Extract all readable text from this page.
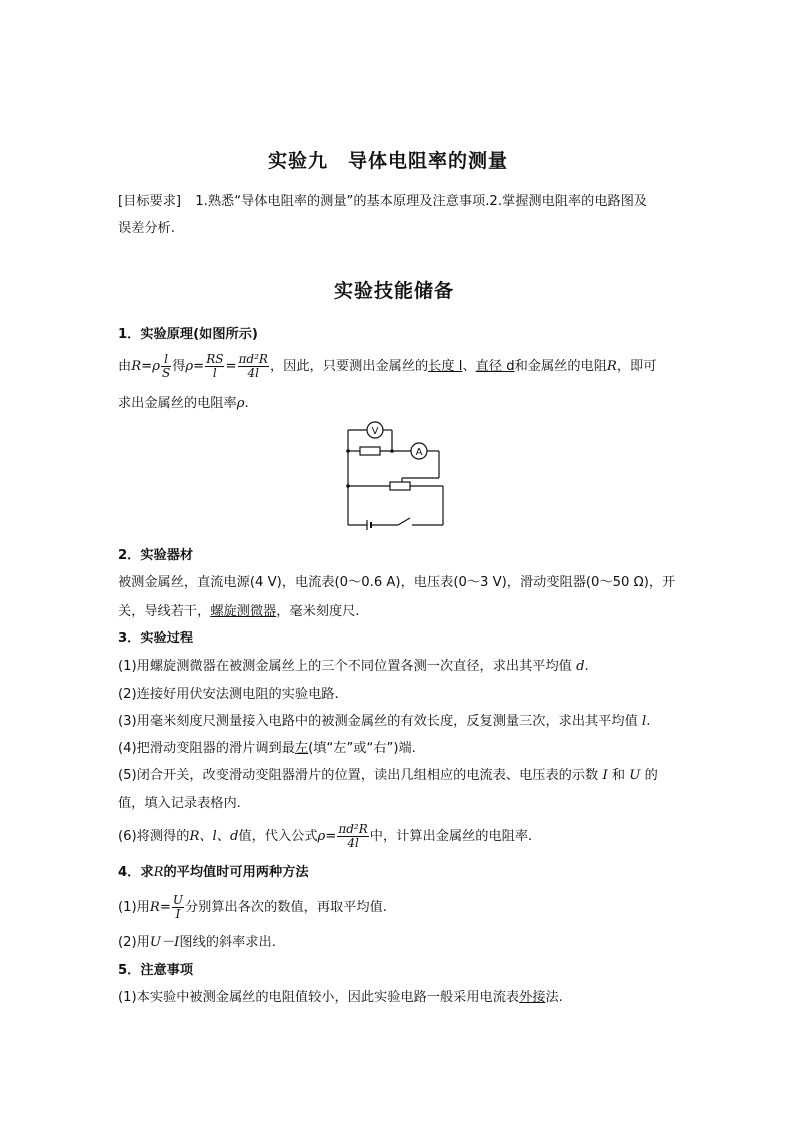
实验九　导体电阻率的测量
[目标要求] 1.熟悉“导体电阻率的测量”的基本原理及注意事项.2.掌握测电阻率的电路图及
误差分析.
实验技能储备
1．实验原理(如图所示)
由$R=\rho \frac{l}{S}$ 得$\rho= \frac{RS}{l} = \frac{\text{πd²R}}{4l}$ ，因此，只要测出金属丝的长度 l、直径 d和金属丝的电阻R，即可
求出金属丝的电阻率ρ.
V
A
2．实验器材
被测金属丝，直流电源(4 V)，电流表(0～0.6 A)，电压表(0～3 V)，滑动变阻器(0～50 Ω)，开
关，导线若干，螺旋测微器，毫米刻度尺.
3．实验过程
(1)用螺旋测微器在被测金属丝上的三个不同位置各测一次直径，求出其平均值 d.
(2)连接好用伏安法测电阻的实验电路.
(3)用毫米刻度尺测量接入电路中的被测金属丝的有效长度，反复测量三次，求出其平均值 l.
(4)把滑动变阻器的滑片调到最左(填“左”或“右”)端.
(5)闭合开关，改变滑动变阻器滑片的位置，读出几组相应的电流表、电压表的示数 I 和 U 的
值，填入记录表格内.
(6)将测得的R、l、d值，代入公式$\rho= \frac{\text{πd²R}}{4l}$ 中，计算出金属丝的电阻率.
4．求R的平均值时可用两种方法
(1)用$R= \frac{U}{I}$ 分别算出各次的数值，再取平均值.
(2)用U－I图线的斜率求出.
5．注意事项
(1)本实验中被测金属丝的电阻值较小，因此实验电路一般采用电流表外接法.
